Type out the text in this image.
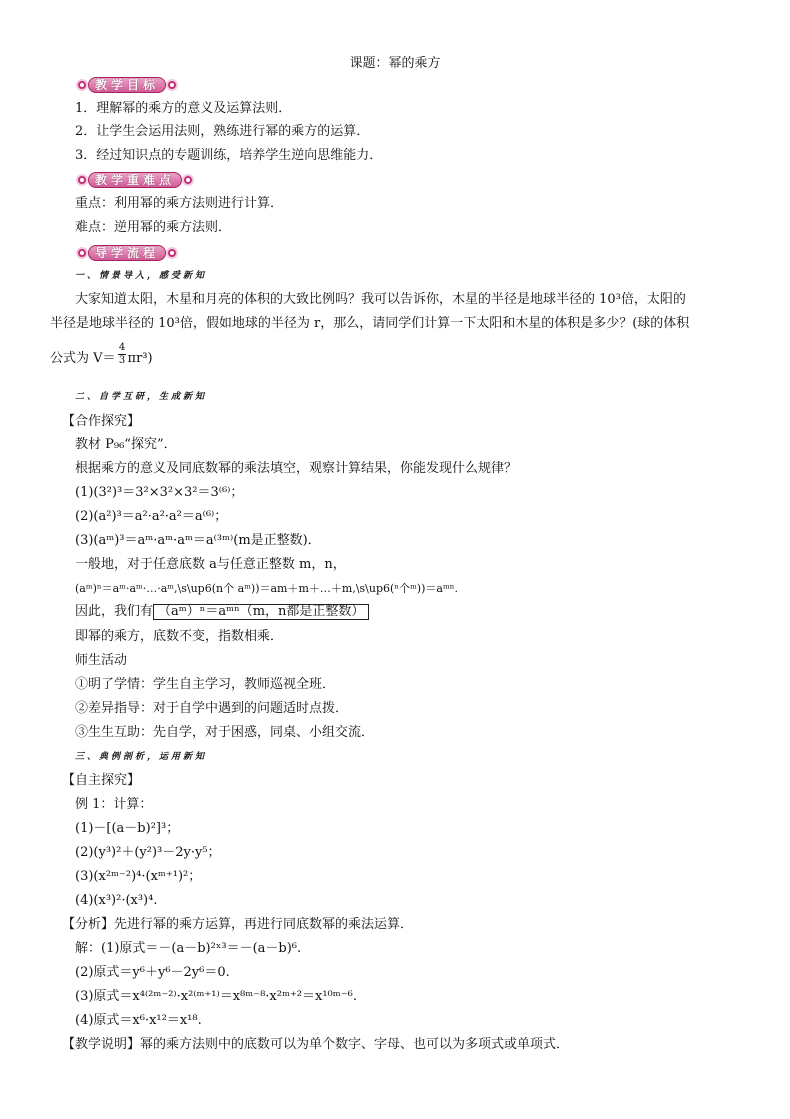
课题：幂的乘方
教学目标
1．理解幂的乘方的意义及运算法则．
2．让学生会运用法则，熟练进行幂的乘方的运算．
3．经过知识点的专题训练，培养学生逆向思维能力．
教学重难点
重点：利用幂的乘方法则进行计算．
难点：逆用幂的乘方法则．
导学流程
一、情景导入，感受新知
大家知道太阳，木星和月亮的体积的大致比例吗？我可以告诉你，木星的半径是地球半径的 10³倍，太阳的
半径是地球半径的 10³倍，假如地球的半径为 r，那么，请同学们计算一下太阳和木星的体积是多少？(球的体积
公式为 V＝ πr³)
$\frac{4}{3}$
二、自学互研，生成新知
【合作探究】
教材 P₉₆“探究”．
根据乘方的意义及同底数幂的乘法填空，观察计算结果，你能发现什么规律？
(1)(3²)³＝3²×3²×3²＝3⁽⁶⁾；
(2)(a²)³＝a²·a²·a²＝a⁽⁶⁾；
(3)(aᵐ)³＝aᵐ·aᵐ·aᵐ＝a⁽³ᵐ⁾(m是正整数)．
一般地，对于任意底数 a与任意正整数 m，n，
(aᵐ)ⁿ＝aᵐ·aᵐ·…·aᵐ,\s\up6(n个 aᵐ))＝am＋m＋…＋m,\s\up6(ⁿ个ᵐ))＝aᵐⁿ.
因此，我们有 （aᵐ）ⁿ＝aᵐⁿ（m，n都是正整数）
即幂的乘方，底数不变，指数相乘．
师生活动
①明了学情：学生自主学习，教师巡视全班．
②差异指导：对于自学中遇到的问题适时点拨．
③生生互助：先自学，对于困惑，同桌、小组交流．
三、典例剖析，运用新知
【自主探究】
例 1：计算：
(1)－[(a－b)²]³；
(2)(y³)²＋(y²)³－2y·y⁵；
(3)(x²ᵐ⁻²)⁴·(xᵐ⁺¹)²；
(4)(x³)²·(x³)⁴.
【分析】先进行幂的乘方运算，再进行同底数幂的乘法运算．
解：(1)原式＝－(a－b)²ˣ³＝－(a－b)⁶.
(2)原式＝y⁶＋y⁶－2y⁶＝0.
(3)原式＝x⁴⁽²ᵐ⁻²⁾·x²⁽ᵐ⁺¹⁾＝x⁸ᵐ⁻⁸·x²ᵐ⁺²＝x¹⁰ᵐ⁻⁶.
(4)原式＝x⁶·x¹²＝x¹⁸.
【教学说明】幂的乘方法则中的底数可以为单个数字、字母、也可以为多项式或单项式．
